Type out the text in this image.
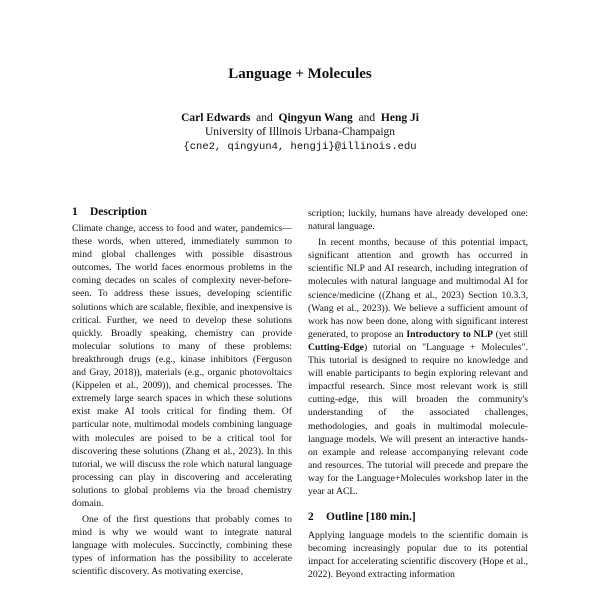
Language + Molecules
Carl Edwards and Qingyun Wang and Heng Ji
University of Illinois Urbana-Champaign
{cne2, qingyun4, hengji}@illinois.edu
1 Description

Climate change, access to food and water, pandemics— these words, when uttered, immediately summon to mind global challenges with possible disastrous outcomes. The world faces enormous problems in the coming decades on scales of complexity never-before-seen. To address these issues, developing scientific solutions which are scalable, flexible, and inexpensive is critical. Further, we need to develop these solutions quickly. Broadly speaking, chemistry can provide molecular solutions to many of these problems: breakthrough drugs (e.g., kinase inhibitors (Ferguson and Gray, 2018)), materials (e.g., organic photovoltaics (Kippelen et al., 2009)), and chemical processes. The extremely large search spaces in which these solutions exist make AI tools critical for finding them. Of particular note, multimodal models combining language with molecules are poised to be a critical tool for discovering these solutions (Zhang et al., 2023). In this tutorial, we will discuss the role which natural language processing can play in discovering and accelerating solutions to global problems via the broad chemistry domain.

One of the first questions that probably comes to mind is why we would want to integrate natural language with molecules. Succinctly, combining these types of information has the possibility to accelerate scientific discovery. As motivating exercise,

scription; luckily, humans have already developed one: natural language.

In recent months, because of this potential impact, significant attention and growth has occurred in scientific NLP and AI research, including integration of molecules with natural language and multimodal AI for science/medicine ((Zhang et al., 2023) Section 10.3.3, (Wang et al., 2023)). We believe a sufficient amount of work has now been done, along with significant interest generated, to propose an Introductory to NLP (yet still Cutting-Edge) tutorial on "Language + Molecules". This tutorial is designed to require no knowledge and will enable participants to begin exploring relevant and impactful research. Since most relevant work is still cutting-edge, this will broaden the community's understanding of the associated challenges, methodologies, and goals in multimodal molecule-language models. We will present an interactive hands-on example and release accompanying relevant code and resources. The tutorial will precede and prepare the way for the Language+Molecules workshop later in the year at ACL.

2 Outline [180 min.]

Applying language models to the scientific domain is becoming increasingly popular due to its potential impact for accelerating scientific discovery (Hope et al., 2022). Beyond extracting information
